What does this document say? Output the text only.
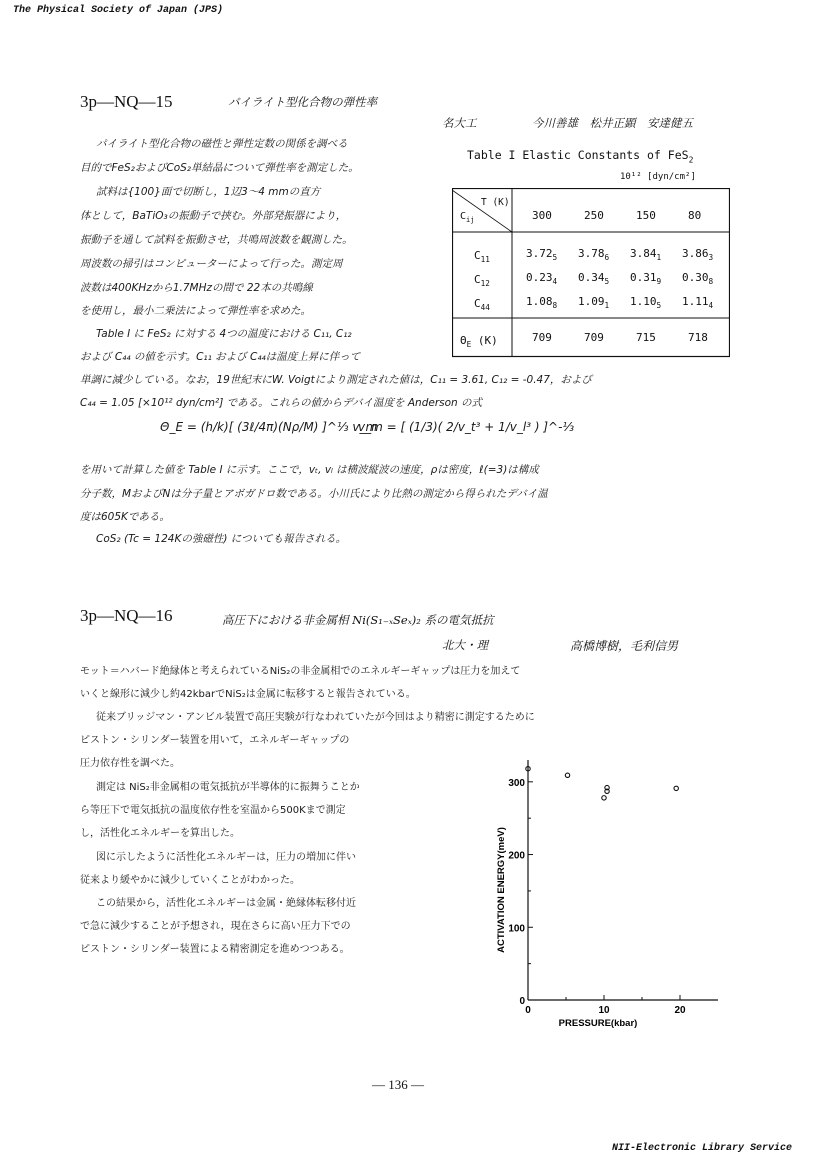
The Physical Society of Japan (JPS)
3p—NQ—15	パイライト型化合物の弾性率
名大工	今川善雄　松井正顕　安達健五
パイライト型化合物の磁性と弾性定数の関係を調べる
目的でFeS₂およびCoS₂単結晶について弾性率を測定した。
試料は{100}面で切断し，1辺3～4 mmの直方
体として，BaTiO₃の振動子で挟む。外部発振器により，
振動子を通して試料を振動させ，共鳴周波数を観測した。
周波数の掃引はコンピューターによって行った。測定周
波数は400KHzから1.7MHzの間で 22本の共鳴線
を使用し，最小二乗法によって弾性率を求めた。
Table I に FeS₂ に対する 4つの温度における C₁₁, C₁₂
および C₄₄ の値を示す。C₁₁ および C₄₄は温度上昇に伴って
単調に減少している。なお，19世紀末にW. Voigtにより測定された値は，C₁₁ = 3.61, C₁₂ = -0.47，および
C₄₄ = 1.05 [×10¹² dyn/cm²] である。これらの値からデバイ温度を Anderson の式
を用いて計算した値を Table I に示す。ここで，vₜ, vₗ は横波縦波の速度，ρは密度，ℓ(=3)は構成
分子数，MおよびNは分子量とアボガドロ数である。小川氏により比熱の測定から得られたデバイ温
度は605Kである。
CoS₂ (Tc = 124Kの強磁性) についても報告される。
Θ_E = (h/k)[ (3ℓ/4π)(Nρ/M) ]^⅓ v_m
v_m = [ (1/3)( 2/v_t³ + 1/v_l³ ) ]^-⅓
Table I Elastic Constants of FeS$_2$
10¹² [dyn/cm²]
T (K)
$C_{ij}$	300	250	150	80
$C_{11}$	$3.72_5$ $3.78_6$ $3.84_1$ $3.86_3$
$C_{12}$	$0.23_4$ $0.34_5$ $0.31_9$ $0.30_8$
$C_{44}$	$1.08_8$ $1.09_1$ $1.10_5$ $1.11_4$
$\Theta_E$ (K)	709	709	715	718
3p—NQ—16	高圧下における非金属相 Ni(S₁₋ₓSeₓ)₂ 系の電気抵抗
北大・理	高橋博樹，毛利信男
モット＝ハバード絶縁体と考えられているNiS₂の非金属相でのエネルギーギャップは圧力を加えて
いくと線形に減少し約42kbarでNiS₂は金属に転移すると報告されている。
従来ブリッジマン・アンビル装置で高圧実験が行なわれていたが今回はより精密に測定するために
ピストン・シリンダー装置を用いて，エネルギーギャップの
圧力依存性を調べた。
測定は NiS₂非金属相の電気抵抗が半導体的に振舞うことか
ら等圧下で電気抵抗の温度依存性を室温から500Kまで測定
し，活性化エネルギーを算出した。
図に示したように活性化エネルギーは，圧力の増加に伴い
従来より緩やかに減少していくことがわかった。
この結果から，活性化エネルギーは金属・絶縁体転移付近
で急に減少することが予想され，現在さらに高い圧力下での
ピストン・シリンダー装置による精密測定を進めつつある。
0	10	20
0
100
200
300
PRESSURE(kbar)
ACTIVATION ENERGY(meV)
— 136 —
NII-Electronic Library Service
